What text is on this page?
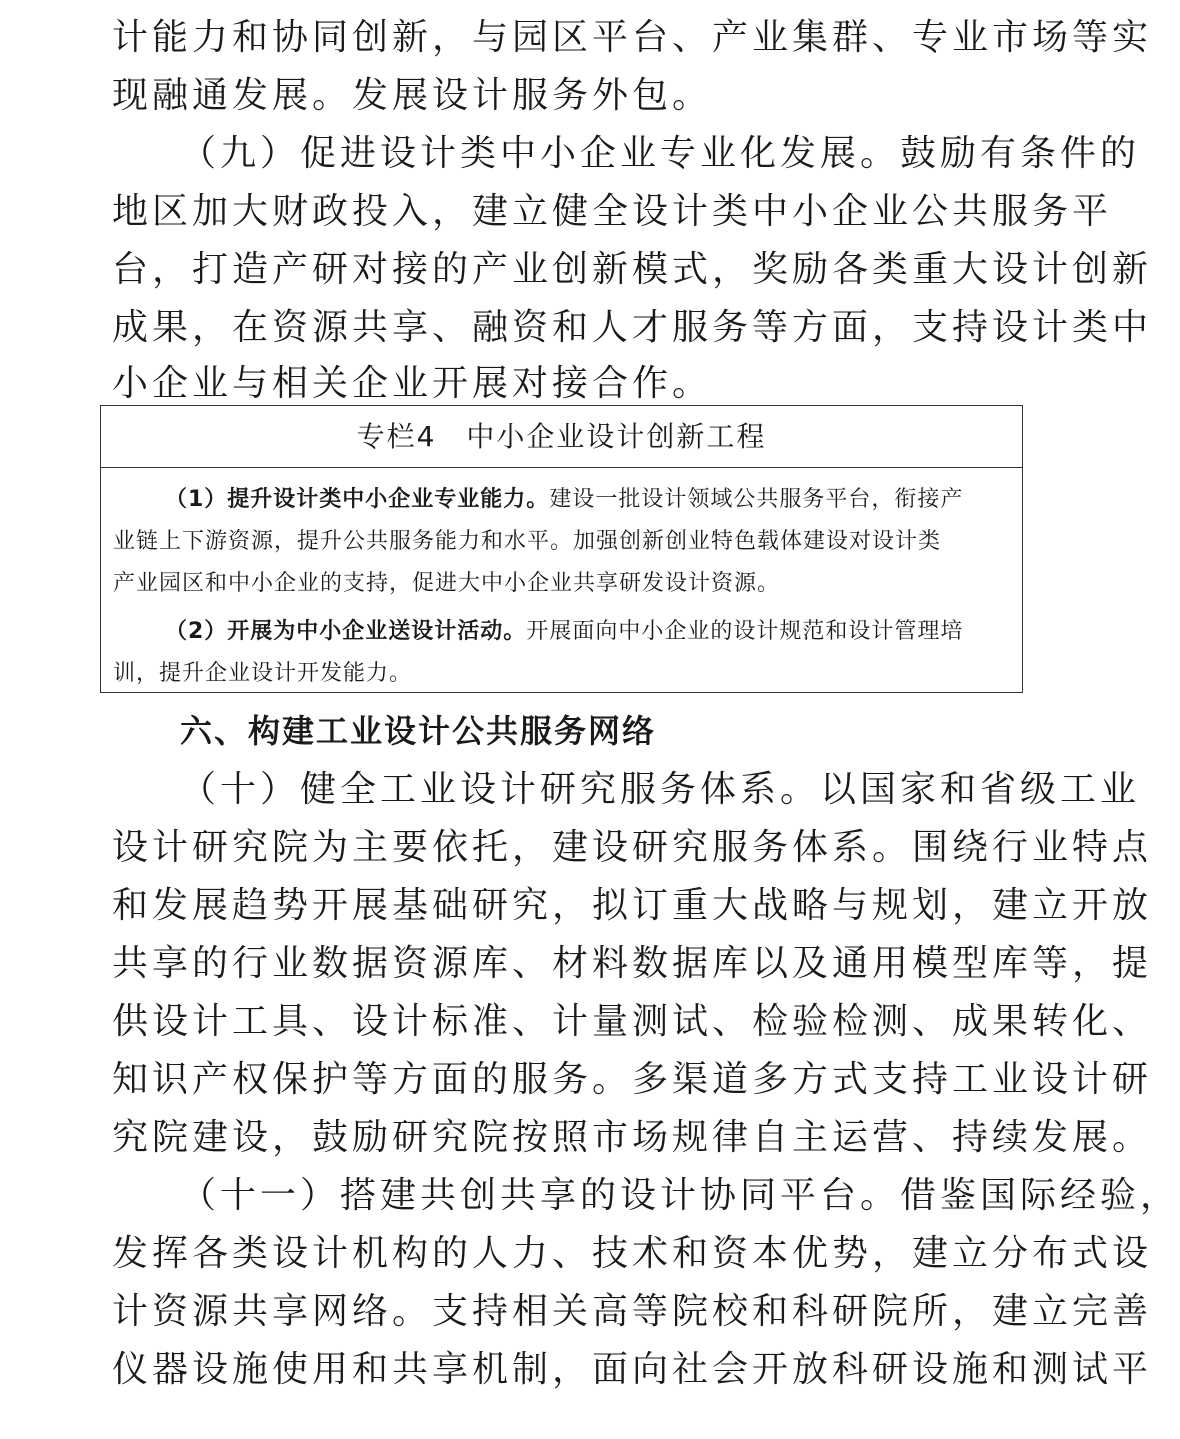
计能力和协同创新，与园区平台、产业集群、专业市场等实
现融通发展。发展设计服务外包。
（九）促进设计类中小企业专业化发展。鼓励有条件的
地区加大财政投入，建立健全设计类中小企业公共服务平
台，打造产研对接的产业创新模式，奖励各类重大设计创新
成果，在资源共享、融资和人才服务等方面，支持设计类中
小企业与相关企业开展对接合作。
专栏4　中小企业设计创新工程
（1）提升设计类中小企业专业能力。建设一批设计领域公共服务平台，衔接产
业链上下游资源，提升公共服务能力和水平。加强创新创业特色载体建设对设计类
产业园区和中小企业的支持，促进大中小企业共享研发设计资源。
（2）开展为中小企业送设计活动。开展面向中小企业的设计规范和设计管理培
训，提升企业设计开发能力。
六、构建工业设计公共服务网络
（十）健全工业设计研究服务体系。以国家和省级工业
设计研究院为主要依托，建设研究服务体系。围绕行业特点
和发展趋势开展基础研究，拟订重大战略与规划，建立开放
共享的行业数据资源库、材料数据库以及通用模型库等，提
供设计工具、设计标准、计量测试、检验检测、成果转化、
知识产权保护等方面的服务。多渠道多方式支持工业设计研
究院建设，鼓励研究院按照市场规律自主运营、持续发展。
（十一）搭建共创共享的设计协同平台。借鉴国际经验，
发挥各类设计机构的人力、技术和资本优势，建立分布式设
计资源共享网络。支持相关高等院校和科研院所，建立完善
仪器设施使用和共享机制，面向社会开放科研设施和测试平
